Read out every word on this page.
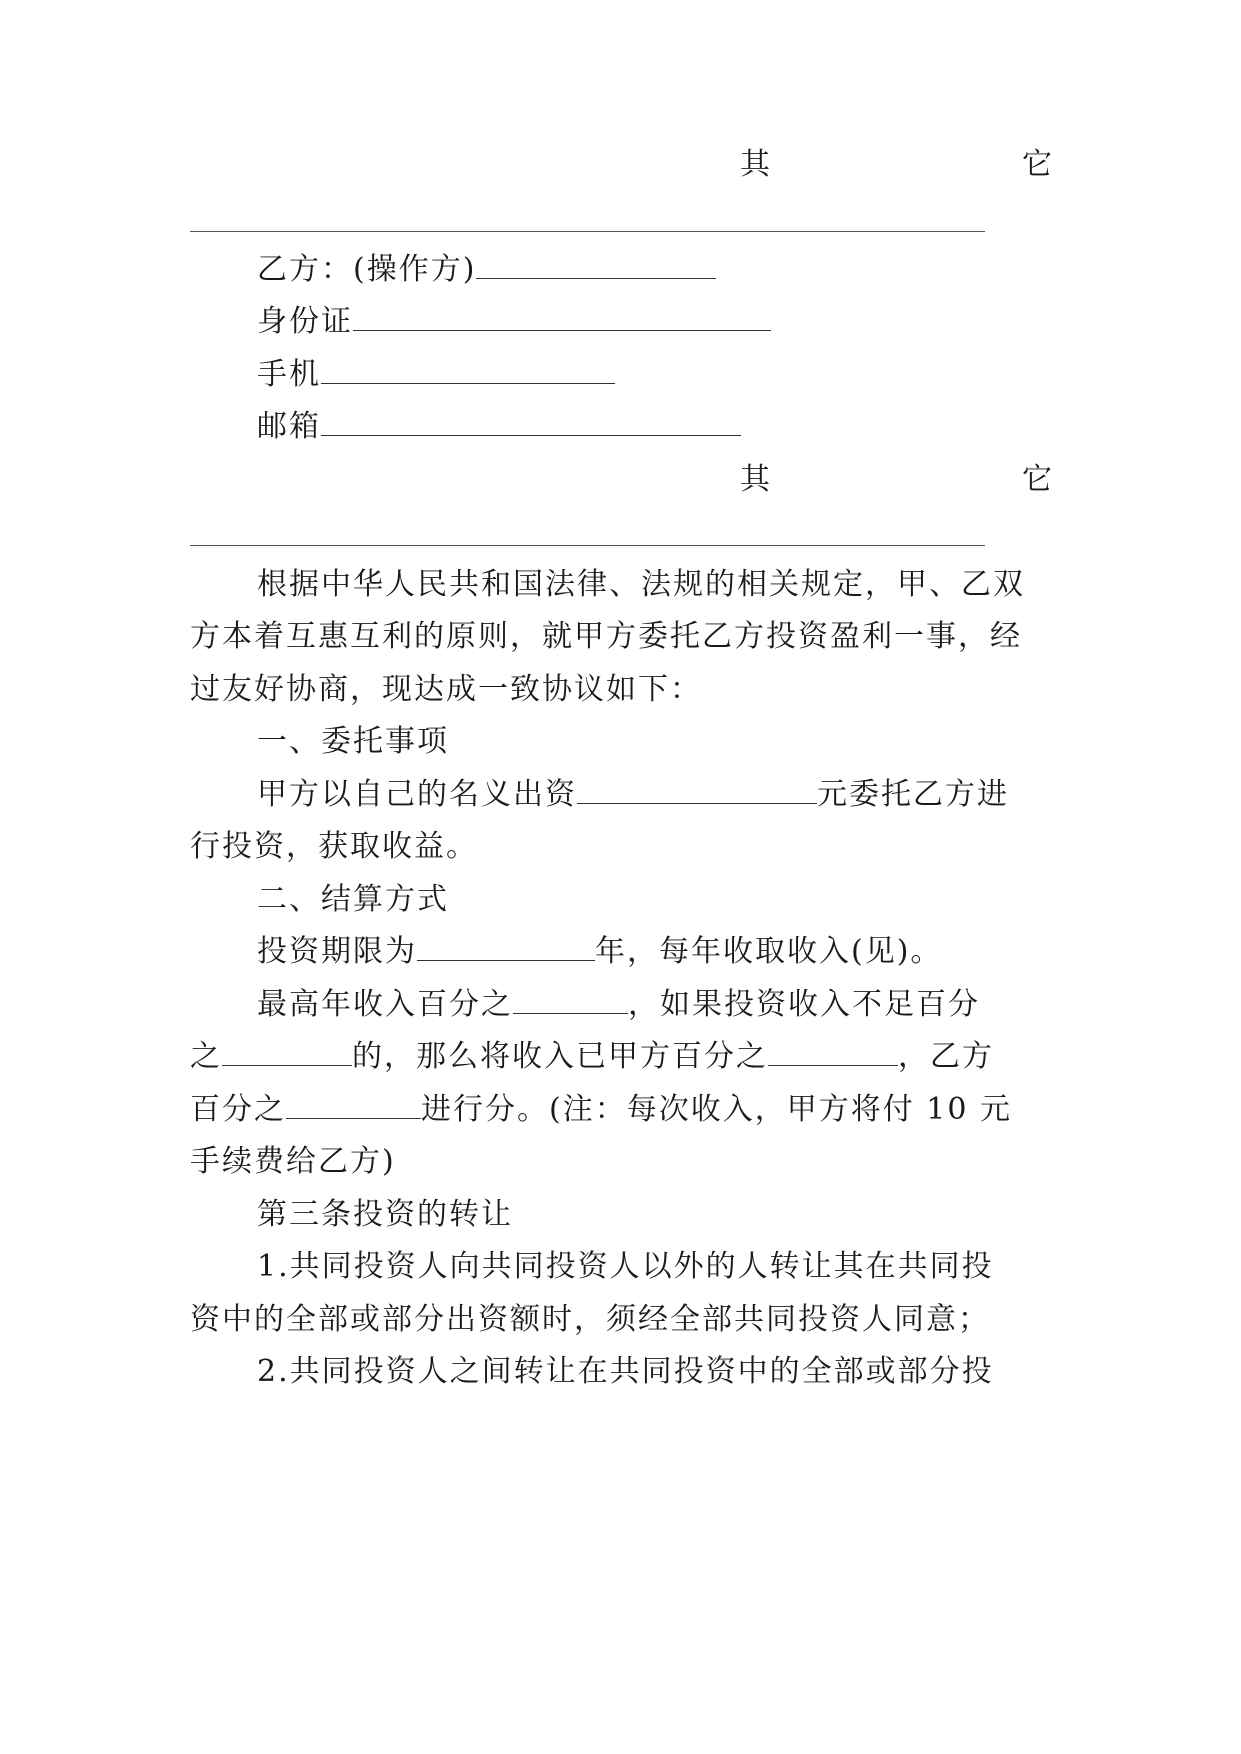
其	它
乙方：(操作方)
身份证
手机
邮箱
其	它
根据中华人民共和国法律、法规的相关规定，甲、乙双
方本着互惠互利的原则，就甲方委托乙方投资盈利一事，经
过友好协商，现达成一致协议如下：
一、委托事项
甲方以自己的名义出资	元委托乙方进
行投资，获取收益。
二、结算方式
投资期限为	年，每年收取收入(见)。
最高年收入百分之	，如果投资收入不足百分
之	的，那么将收入已甲方百分之	，乙方
百分之	进行分。(注：每次收入，甲方将付 10 元
手续费给乙方)
第三条投资的转让
1.共同投资人向共同投资人以外的人转让其在共同投
资中的全部或部分出资额时，须经全部共同投资人同意；
2.共同投资人之间转让在共同投资中的全部或部分投
